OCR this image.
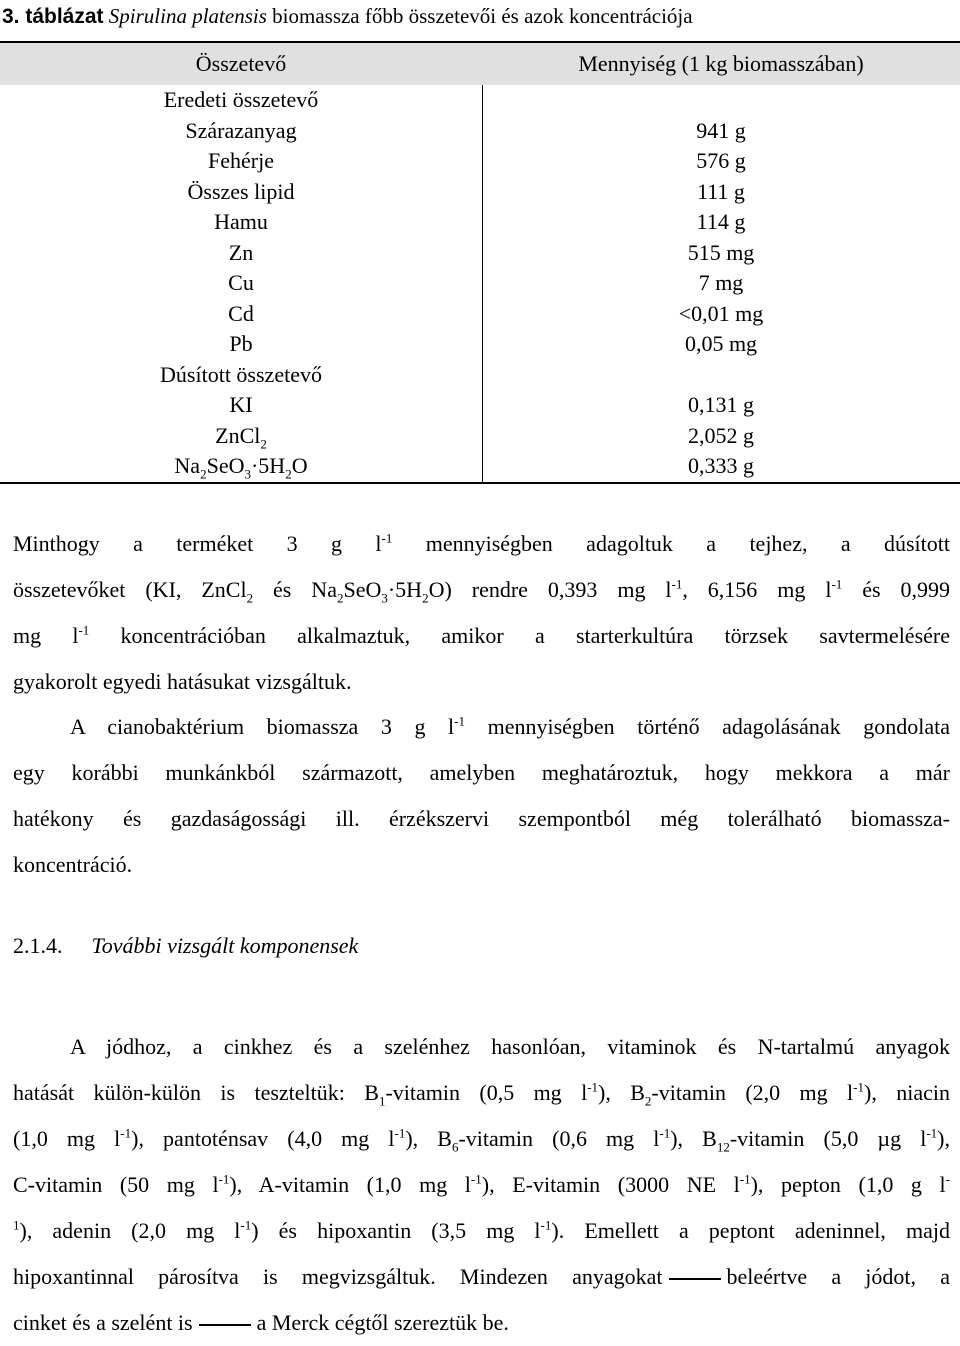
3. táblázat Spirulina platensis biomassza főbb összetevői és azok koncentrációja
Összetevő	Mennyiség (1 kg biomasszában)
Eredeti összetevő
Szárazanyag	941 g
Fehérje	576 g
Összes lipid	111 g
Hamu	114 g
Zn	515 mg
Cu	7 mg
Cd	<0,01 mg
Pb	0,05 mg
Dúsított összetevő
KI	0,131 g
ZnCl$_2$	2,052 g
$Na_2SeO_3\cdot 5H_2O$	0,333 g
Minthogy a terméket 3 g $l^{-1}$ mennyiségben adagoltuk a tejhez, a dúsított
összetevőket (KI, ZnCl$_2$ és $Na_2SeO_3\cdot 5H_2O$) rendre 0,393 mg $l^{-1}$, 6,156 mg $l^{-1}$ és 0,999
mg $l^{-1}$ koncentrációban alkalmaztuk, amikor a starterkultúra törzsek savtermelésére
gyakorolt egyedi hatásukat vizsgáltuk.
A cianobaktérium biomassza 3 g $l^{-1}$ mennyiségben történő adagolásának gondolata
egy korábbi munkánkból származott, amelyben meghatároztuk, hogy mekkora a már
hatékony és gazdaságossági ill. érzékszervi szempontból még tolerálható biomassza-
koncentráció.
2.1.4. További vizsgált komponensek
A jódhoz, a cinkhez és a szelénhez hasonlóan, vitaminok és N-tartalmú anyagok
hatását külön-külön is teszteltük: $B_1$-vitamin (0,5 mg $l^{-1}$), $B_2$-vitamin (2,0 mg $l^{-1}$), niacin
(1,0 mg $l^{-1}$), pantoténsav (4,0 mg $l^{-1}$), $B_6$-vitamin (0,6 mg $l^{-1}$), $B_{12}$-vitamin (5,0 µg $l^{-1}$),
C-vitamin (50 mg $l^{-1}$), A-vitamin (1,0 mg $l^{-1}$), E-vitamin (3000 NE $l^{-1}$), pepton (1,0 g l-
$^1$), adenin (2,0 mg $l^{-1}$) és hipoxantin (3,5 mg $l^{-1}$). Emellett a peptont adeninnel, majd
hipoxantinnal párosítva is megvizsgáltuk. Mindezen anyagokat	beleértve a jódot, a
cinket és a szelént is	a Merck cégtől szereztük be.
